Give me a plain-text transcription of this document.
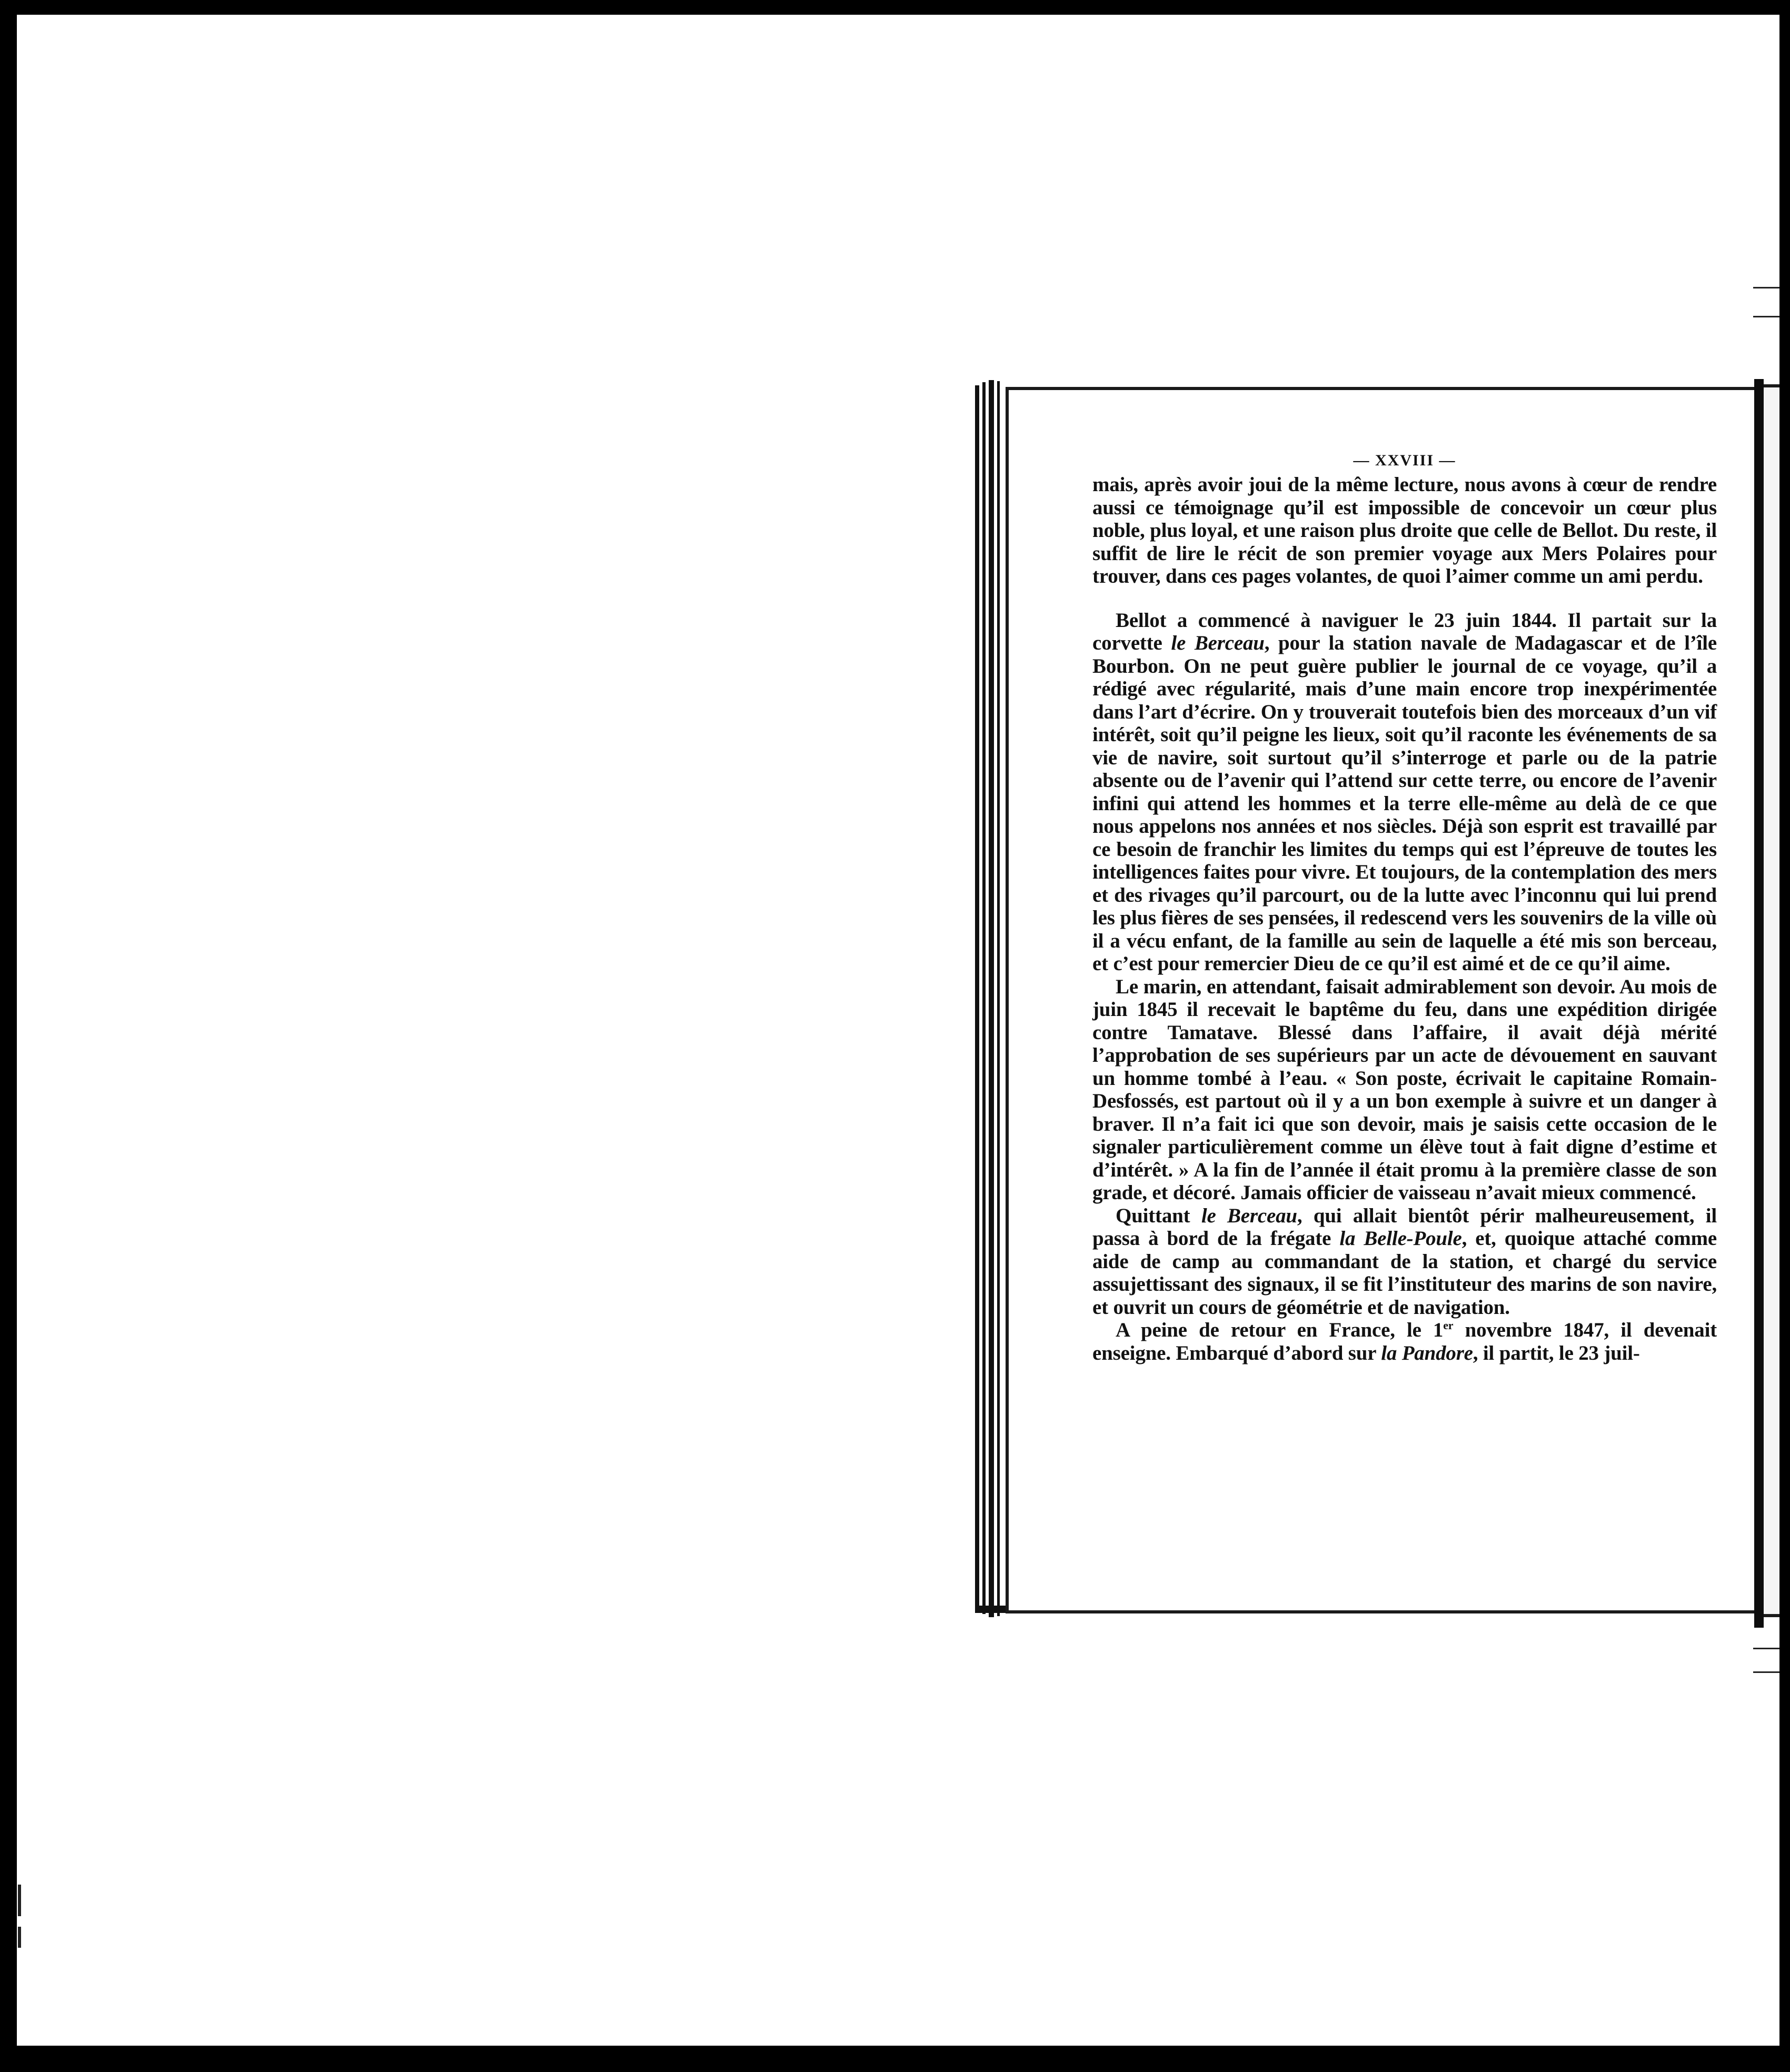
— XXVIII —

mais, après avoir joui de la même lecture, nous avons à cœur de rendre aussi ce témoignage qu’il est impossible de concevoir un cœur plus noble, plus loyal, et une raison plus droite que celle de Bellot. Du reste, il suffit de lire le récit de son premier voyage aux Mers Polaires pour trouver, dans ces pages volantes, de quoi l’aimer comme un ami perdu.

Bellot a commencé à naviguer le 23 juin 1844. Il partait sur la corvette le Berceau, pour la station navale de Madagascar et de l’île Bourbon. On ne peut guère publier le journal de ce voyage, qu’il a rédigé avec régularité, mais d’une main encore trop inexpérimentée dans l’art d’écrire. On y trouverait toutefois bien des morceaux d’un vif intérêt, soit qu’il peigne les lieux, soit qu’il raconte les événements de sa vie de navire, soit surtout qu’il s’interroge et parle ou de la patrie absente ou de l’avenir qui l’attend sur cette terre, ou encore de l’avenir infini qui attend les hommes et la terre elle-même au delà de ce que nous appelons nos années et nos siècles. Déjà son esprit est travaillé par ce besoin de franchir les limites du temps qui est l’épreuve de toutes les intelligences faites pour vivre. Et toujours, de la contemplation des mers et des rivages qu’il parcourt, ou de la lutte avec l’inconnu qui lui prend les plus fières de ses pensées, il redescend vers les souvenirs de la ville où il a vécu enfant, de la famille au sein de laquelle a été mis son berceau, et c’est pour remercier Dieu de ce qu’il est aimé et de ce qu’il aime.

Le marin, en attendant, faisait admirablement son devoir. Au mois de juin 1845 il recevait le baptême du feu, dans une expédition dirigée contre Tamatave. Blessé dans l’affaire, il avait déjà mérité l’approbation de ses supérieurs par un acte de dévouement en sauvant un homme tombé à l’eau. « Son poste, écrivait le capitaine Romain-Desfossés, est partout où il y a un bon exemple à suivre et un danger à braver. Il n’a fait ici que son devoir, mais je saisis cette occasion de le signaler particulièrement comme un élève tout à fait digne d’estime et d’intérêt. » A la fin de l’année il était promu à la première classe de son grade, et décoré. Jamais officier de vaisseau n’avait mieux commencé.

Quittant le Berceau, qui allait bientôt périr malheureusement, il passa à bord de la frégate la Belle-Poule, et, quoique attaché comme aide de camp au commandant de la station, et chargé du service assujettissant des signaux, il se fit l’instituteur des marins de son navire, et ouvrit un cours de géométrie et de navigation.

A peine de retour en France, le 1er novembre 1847, il devenait enseigne. Embarqué d’abord sur la Pandore, il partit, le 23 juil-
